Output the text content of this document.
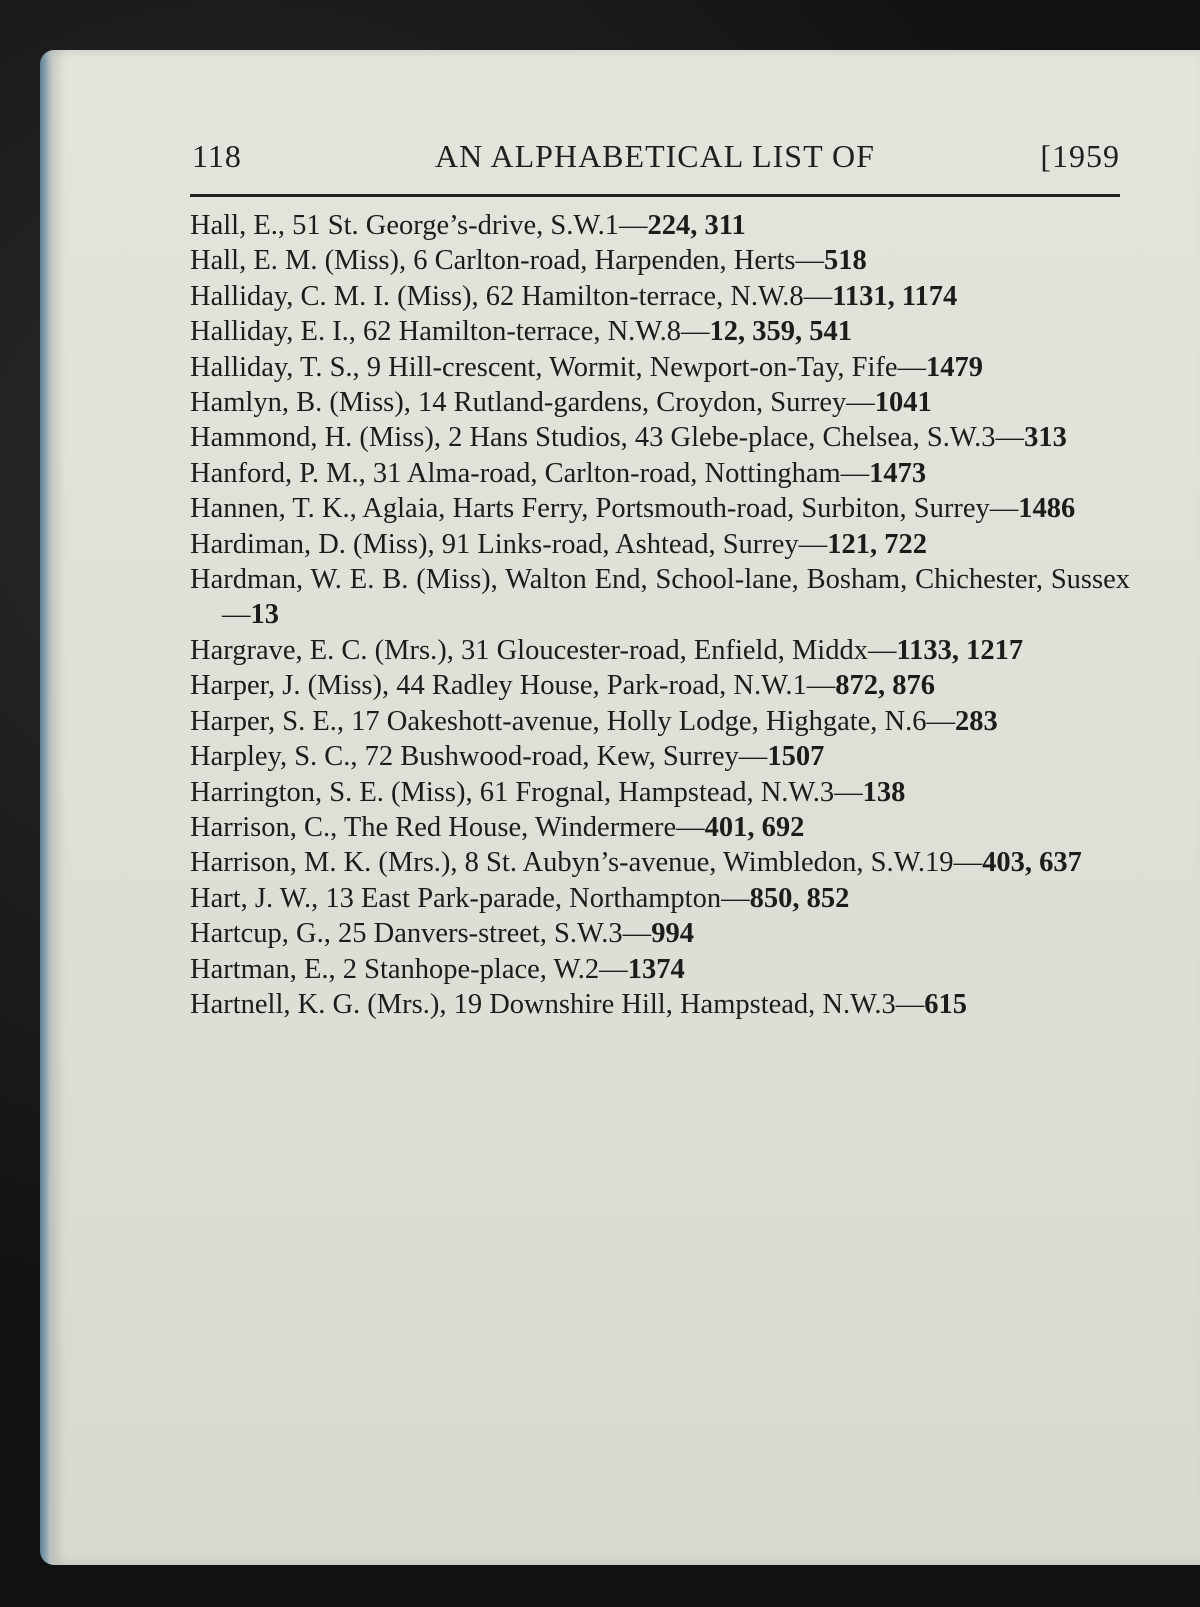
118	AN ALPHABETICAL LIST OF	[1959
Hall, E., 51 St. George’s-drive, S.W.1—224, 311
Hall, E. M. (Miss), 6 Carlton-road, Harpenden, Herts—518
Halliday, C. M. I. (Miss), 62 Hamilton-terrace, N.W.8—1131, 1174
Halliday, E. I., 62 Hamilton-terrace, N.W.8—12, 359, 541
Halliday, T. S., 9 Hill-crescent, Wormit, Newport-on-Tay, Fife—1479
Hamlyn, B. (Miss), 14 Rutland-gardens, Croydon, Surrey—1041
Hammond, H. (Miss), 2 Hans Studios, 43 Glebe-place, Chelsea, S.W.3—313
Hanford, P. M., 31 Alma-road, Carlton-road, Nottingham—1473
Hannen, T. K., Aglaia, Harts Ferry, Portsmouth-road, Surbiton, Surrey—1486
Hardiman, D. (Miss), 91 Links-road, Ashtead, Surrey—121, 722
Hardman, W. E. B. (Miss), Walton End, School-lane, Bosham, Chichester, Sussex—13
Hargrave, E. C. (Mrs.), 31 Gloucester-road, Enfield, Middx—1133, 1217
Harper, J. (Miss), 44 Radley House, Park-road, N.W.1—872, 876
Harper, S. E., 17 Oakeshott-avenue, Holly Lodge, Highgate, N.6—283
Harpley, S. C., 72 Bushwood-road, Kew, Surrey—1507
Harrington, S. E. (Miss), 61 Frognal, Hampstead, N.W.3—138
Harrison, C., The Red House, Windermere—401, 692
Harrison, M. K. (Mrs.), 8 St. Aubyn’s-avenue, Wimbledon, S.W.19—403, 637
Hart, J. W., 13 East Park-parade, Northampton—850, 852
Hartcup, G., 25 Danvers-street, S.W.3—994
Hartman, E., 2 Stanhope-place, W.2—1374
Hartnell, K. G. (Mrs.), 19 Downshire Hill, Hampstead, N.W.3—615
